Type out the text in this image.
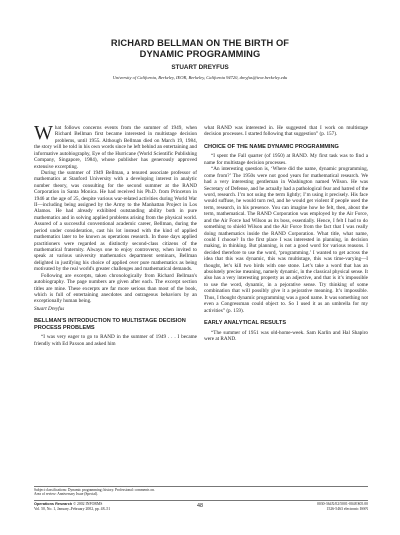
RICHARD BELLMAN ON THE BIRTH OF
DYNAMIC PROGRAMMING
STUART DREYFUS
University of California, Berkeley, IEOR, Berkeley, California 94720, dreyfus@ieor.berkeley.edu

What follows concerns events from the summer of 1949, when Richard Bellman first became interested in multistage decision problems, until 1955. Although Bellman died on March 19, 1984, the story will be told in his own words since he left behind an entertaining and informative autobiography, Eye of the Hurricane (World Scientific Publishing Company, Singapore, 1984), whose publisher has generously approved extensive excerpting.

During the summer of 1949 Bellman, a tenured associate professor of mathematics at Stanford University with a developing interest in analytic number theory, was consulting for the second summer at the RAND Corporation in Santa Monica. He had received his Ph.D. from Princeton in 1946 at the age of 25, despite various war-related activities during World War II—including being assigned by the Army to the Manhattan Project in Los Alamos. He had already exhibited outstanding ability both in pure mathematics and in solving applied problems arising from the physical world. Assured of a successful conventional academic career, Bellman, during the period under consideration, cast his lot instead with the kind of applied mathematics later to be known as operations research. In those days applied practitioners were regarded as distinctly second-class citizens of the mathematical fraternity. Always one to enjoy controversy, when invited to speak at various university mathematics department seminars, Bellman delighted in justifying his choice of applied over pure mathematics as being motivated by the real world's greater challenges and mathematical demands.

Following are excerpts, taken chronologically from Richard Bellman's autobiography. The page numbers are given after each. The excerpt section titles are mine. These excerpts are far more serious than most of the book, which is full of entertaining anecdotes and outrageous behaviors by an exceptionally human being.

Stuart Dreyfus

BELLMAN'S INTRODUCTION TO MULTISTAGE DECISION PROCESS PROBLEMS

“I was very eager to go to RAND in the summer of 1949 . . . I became friendly with Ed Paxson and asked him

what RAND was interested in. He suggested that I work on multistage decision processes. I started following that suggestion” (p. 157).

CHOICE OF THE NAME DYNAMIC PROGRAMMING

“I spent the Fall quarter (of 1950) at RAND. My first task was to find a name for multistage decision processes.

“An interesting question is, ‘Where did the name, dynamic programming, come from?’ The 1950s were not good years for mathematical research. We had a very interesting gentleman in Washington named Wilson. He was Secretary of Defense, and he actually had a pathological fear and hatred of the word, research. I’m not using the term lightly; I’m using it precisely. His face would suffuse, he would turn red, and he would get violent if people used the term, research, in his presence. You can imagine how he felt, then, about the term, mathematical. The RAND Corporation was employed by the Air Force, and the Air Force had Wilson as its boss, essentially. Hence, I felt I had to do something to shield Wilson and the Air Force from the fact that I was really doing mathematics inside the RAND Corporation. What title, what name, could I choose? In the first place I was interested in planning, in decision making, in thinking. But planning, is not a good word for various reasons. I decided therefore to use the word, ‘programming.’ I wanted to get across the idea that this was dynamic, this was multistage, this was time-varying—I thought, let’s kill two birds with one stone. Let’s take a word that has an absolutely precise meaning, namely dynamic, in the classical physical sense. It also has a very interesting property as an adjective, and that is it’s impossible to use the word, dynamic, in a pejorative sense. Try thinking of some combination that will possibly give it a pejorative meaning. It’s impossible. Thus, I thought dynamic programming was a good name. It was something not even a Congressman could object to. So I used it as an umbrella for my activities” (p. 159).

EARLY ANALYTICAL RESULTS

“The summer of 1951 was old-home-week. Sam Karlin and Hal Shapiro were at RAND.

Subject classifications: Dynamic programming; history. Professional: comments on.
Area of review: Anniversary Issue (Special).
Operations Research © 2002 INFORMS
Vol. 50, No. 1, January–February 2002, pp. 48–51	48	0030-364X/02/5001-0048 $05.00
1526-5463 electronic ISSN
